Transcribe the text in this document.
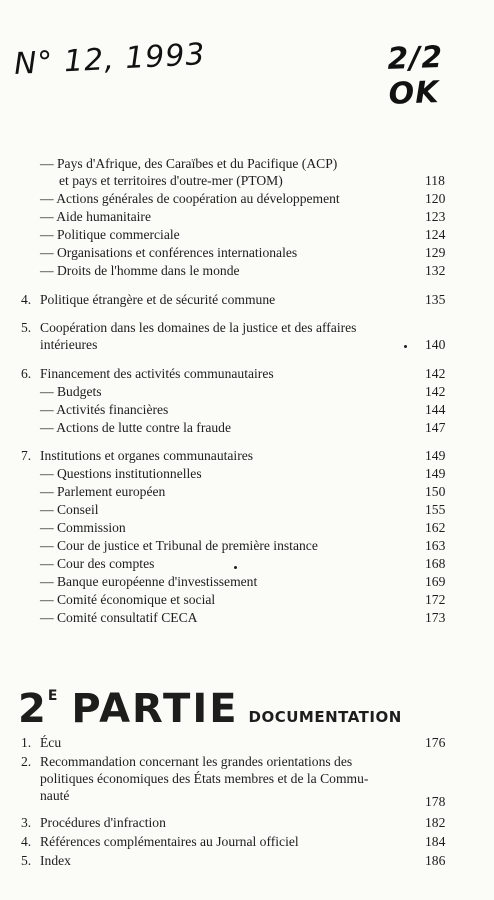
N° 12, 1993	2/2 OK
— Pays d'Afrique, des Caraïbes et du Pacifique (ACP)
et pays et territoires d'outre-mer (PTOM)	118
— Actions générales de coopération au développement	120
— Aide humanitaire	123
— Politique commerciale	124
— Organisations et conférences internationales	129
— Droits de l'homme dans le monde	132
4. Politique étrangère et de sécurité commune	135
5. Coopération dans les domaines de la justice et des affaires
intérieures	140
6. Financement des activités communautaires	142
— Budgets	142
— Activités financières	144
— Actions de lutte contre la fraude	147
7. Institutions et organes communautaires	149
— Questions institutionnelles	149
— Parlement européen	150
— Conseil	155
— Commission	162
— Cour de justice et Tribunal de première instance	163
— Cour des comptes	168
— Banque européenne d'investissement	169
— Comité économique et social	172
— Comité consultatif CECA	173
2 E PARTIE DOCUMENTATION
1. Écu	176
2. Recommandation concernant les grandes orientations des
politiques économiques des États membres et de la Commu-
nauté	178
3. Procédures d'infraction	182
4. Références complémentaires au Journal officiel	184
5. Index	186
